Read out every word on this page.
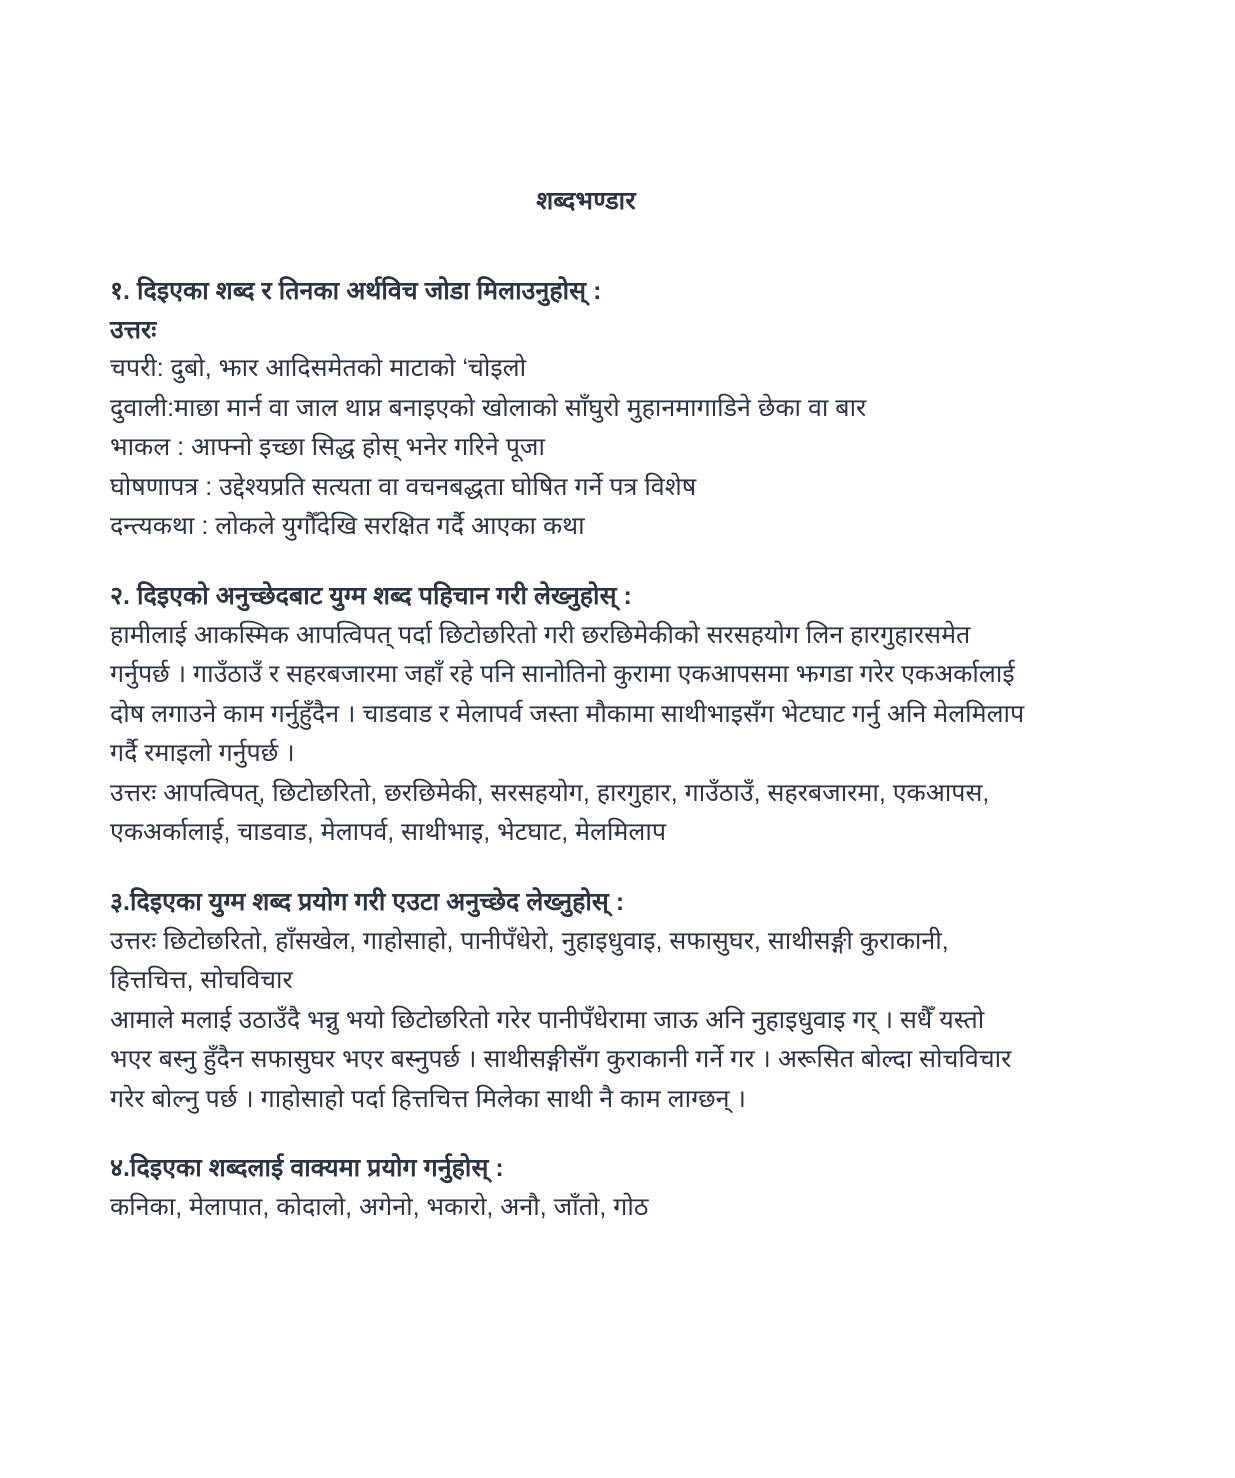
शब्दभण्डार
१. दिइएका शब्द र तिनका अर्थविच जोडा मिलाउनुहोस् :
उत्तरः
चपरी: दुबो, झार आदिसमेतको माटाको ‘चोइलो
दुवाली:माछा मार्न वा जाल थाप्न बनाइएको खोलाको साँघुरो मुहानमागाडिने छेका वा बार
भाकल : आफ्नो इच्छा सिद्ध होस् भनेर गरिने पूजा
घोषणापत्र : उद्देश्यप्रति सत्यता वा वचनबद्धता घोषित गर्ने पत्र विशेष
दन्त्यकथा : लोकले युगौँदेखि सरक्षित गर्दै आएका कथा
२. दिइएको अनुच्छेदबाट युग्म शब्द पहिचान गरी लेख्नुहोस् :
हामीलाई आकस्मिक आपत्विपत् पर्दा छिटोछरितो गरी छरछिमेकीको सरसहयोग लिन हारगुहारसमेत
गर्नुपर्छ । गाउँठाउँ र सहरबजारमा जहाँ रहे पनि सानोतिनो कुरामा एकआपसमा झगडा गरेर एकअर्कालाई
दोष लगाउने काम गर्नुहुँदैन । चाडवाड र मेलापर्व जस्ता मौकामा साथीभाइसँग भेटघाट गर्नु अनि मेलमिलाप
गर्दै रमाइलो गर्नुपर्छ ।
उत्तरः आपत्विपत्, छिटोछरितो, छरछिमेकी, सरसहयोग, हारगुहार, गाउँठाउँ, सहरबजारमा, एकआपस,
एकअर्कालाई, चाडवाड, मेलापर्व, साथीभाइ, भेटघाट, मेलमिलाप
३.दिइएका युग्म शब्द प्रयोग गरी एउटा अनुच्छेद लेख्नुहोस् :
उत्तरः छिटोछरितो, हाँसखेल, गाहोसाहो, पानीपँधेरो, नुहाइधुवाइ, सफासुघर, साथीसङ्गी कुराकानी,
हित्तचित्त, सोचविचार
आमाले मलाई उठाउँदै भन्नु भयो छिटोछरितो गरेर पानीपँधेरामा जाऊ अनि नुहाइधुवाइ गर् । सधैँ यस्तो
भएर बस्नु हुँदैन सफासुघर भएर बस्नुपर्छ । साथीसङ्गीसँग कुराकानी गर्ने गर । अरूसित बोल्दा सोचविचार
गरेर बोल्नु पर्छ । गाहोसाहो पर्दा हित्तचित्त मिलेका साथी नै काम लाग्छन् ।
४.दिइएका शब्दलाई वाक्यमा प्रयोग गर्नुहोस् :
कनिका, मेलापात, कोदालो, अगेनो, भकारो, अनौ, जाँतो, गोठ
